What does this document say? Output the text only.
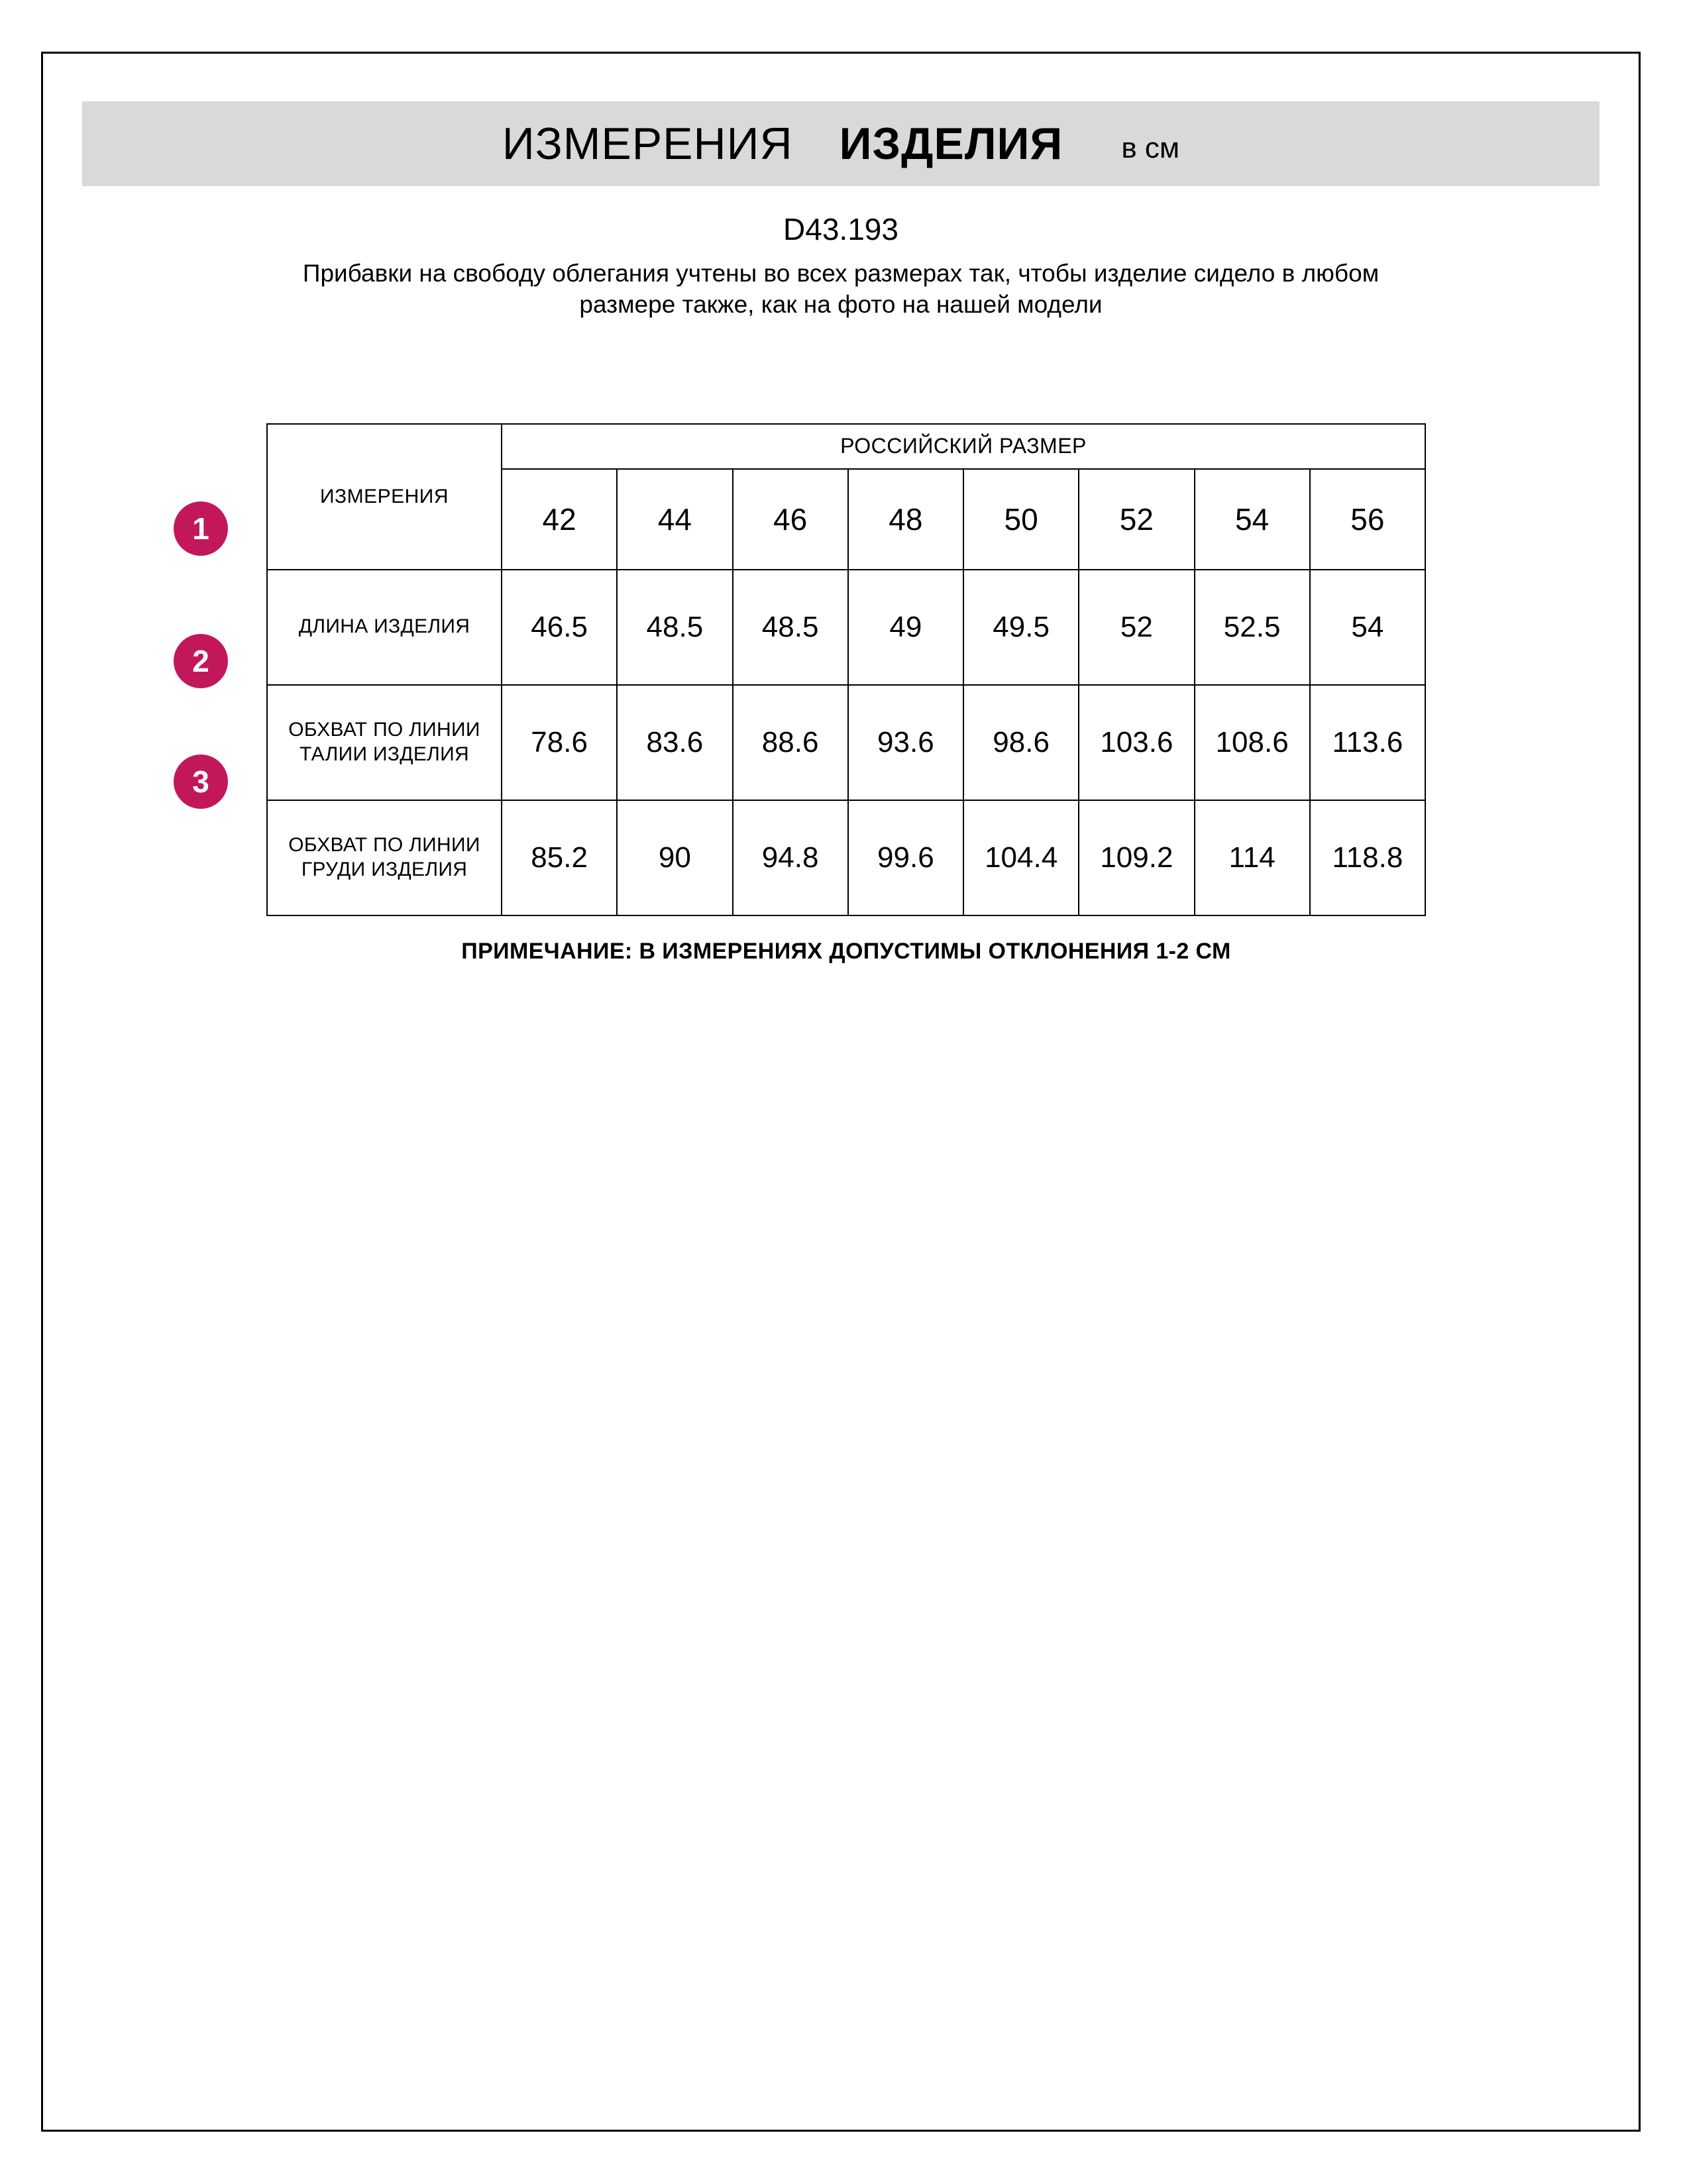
ИЗМЕРЕНИЯ ИЗДЕЛИЯ в см
D43.193
Прибавки на свободу облегания учтены во всех размерах так, чтобы изделие сидело в любом размере также, как на фото на нашей модели
1
2
3
ИЗМЕРЕНИЯ	РОССИЙСКИЙ РАЗМЕР							
	42	44	46	48	50	52	54	56
ДЛИНА ИЗДЕЛИЯ	46.5	48.5	48.5	49	49.5	52	52.5	54
ОБХВАТ ПО ЛИНИИ ТАЛИИ ИЗДЕЛИЯ	78.6	83.6	88.6	93.6	98.6	103.6	108.6	113.6
ОБХВАТ ПО ЛИНИИ ГРУДИ ИЗДЕЛИЯ	85.2	90	94.8	99.6	104.4	109.2	114	118.8
ПРИМЕЧАНИЕ: В ИЗМЕРЕНИЯХ ДОПУСТИМЫ ОТКЛОНЕНИЯ 1-2 СМ
